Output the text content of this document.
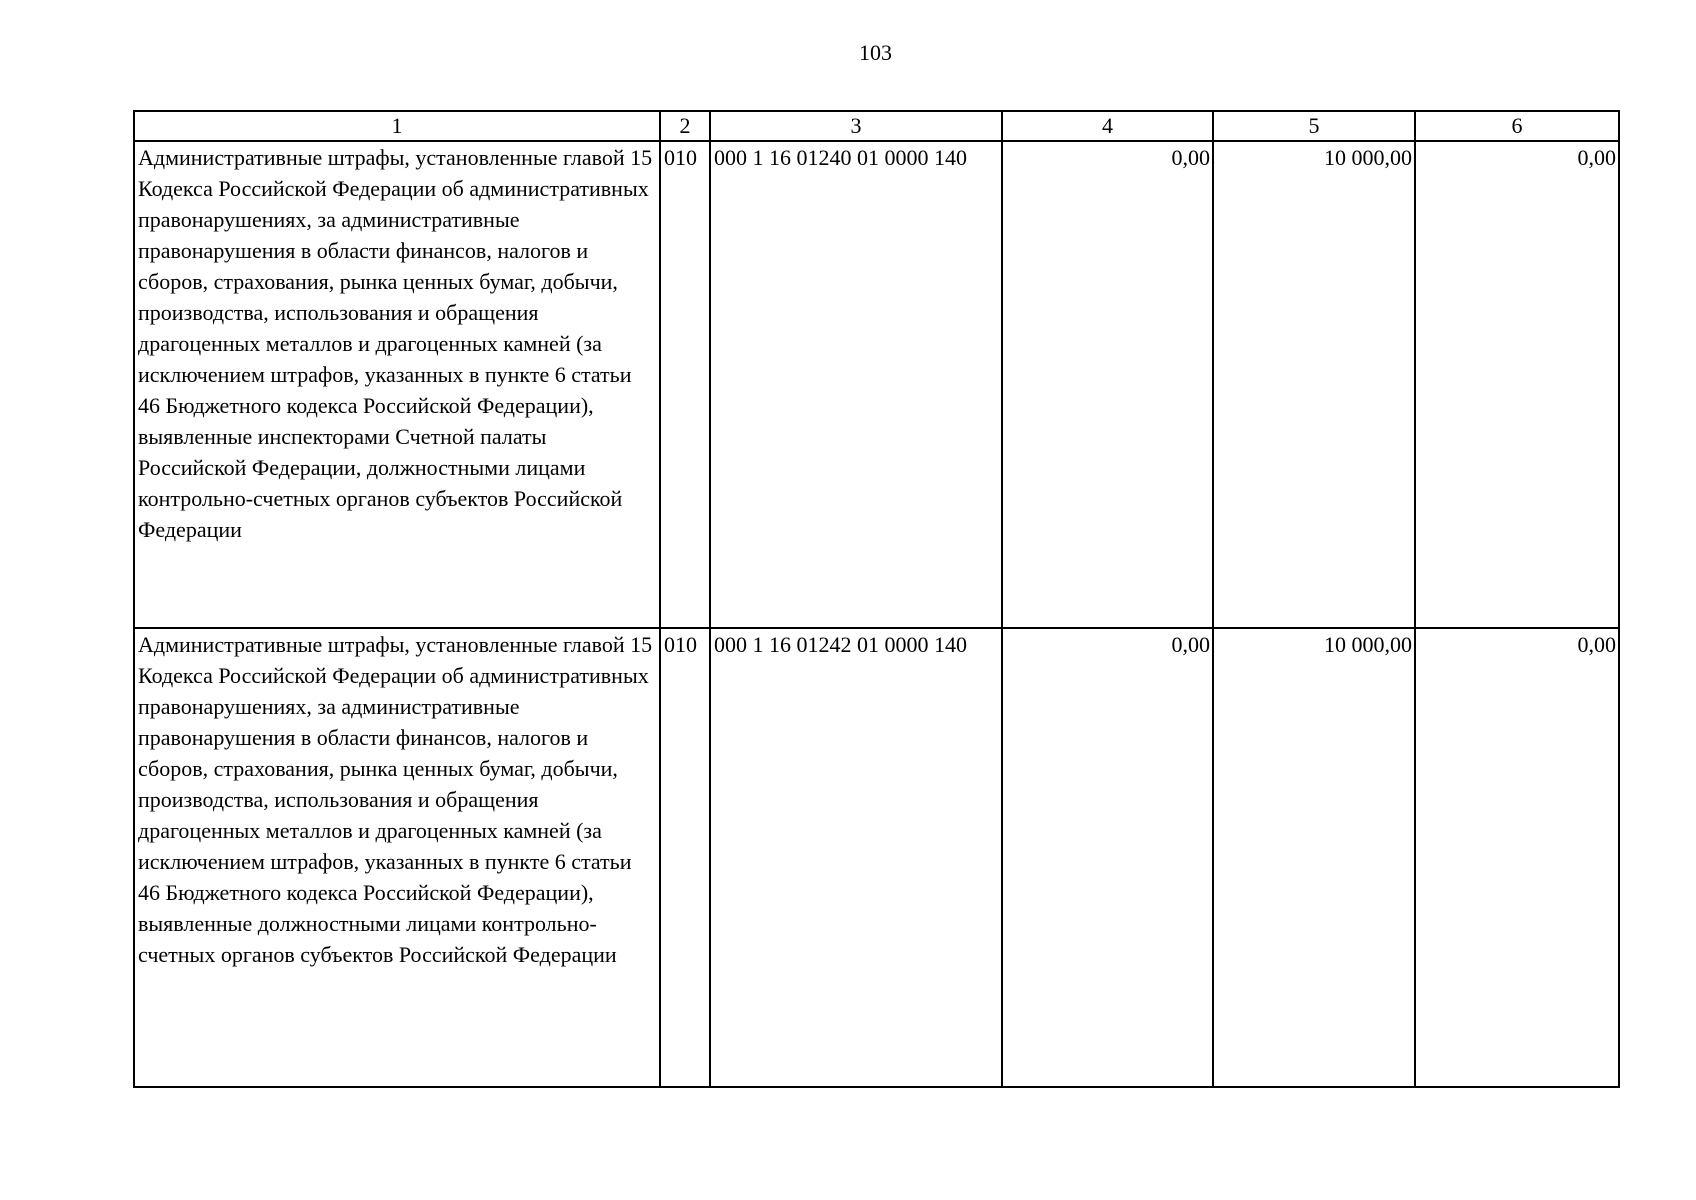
103
1	2	3	4	5	6
Административные штрафы, установленные главой 15 Кодекса Российской Федерации об административных правонарушениях, за административные правонарушения в области финансов, налогов и сборов, страхования, рынка ценных бумаг, добычи, производства, использования и обращения драгоценных металлов и драгоценных камней (за исключением штрафов, указанных в пункте 6 статьи 46 Бюджетного кодекса Российской Федерации), выявленные инспекторами Счетной палаты Российской Федерации, должностными лицами контрольно-счетных органов субъектов Российской Федерации	010	000 1 16 01240 01 0000 140	0,00	10 000,00	0,00
Административные штрафы, установленные главой 15 Кодекса Российской Федерации об административных правонарушениях, за административные правонарушения в области финансов, налогов и сборов, страхования, рынка ценных бумаг, добычи, производства, использования и обращения драгоценных металлов и драгоценных камней (за исключением штрафов, указанных в пункте 6 статьи 46 Бюджетного кодекса Российской Федерации), выявленные должностными лицами контрольно-счетных органов субъектов Российской Федерации	010	000 1 16 01242 01 0000 140	0,00	10 000,00	0,00
